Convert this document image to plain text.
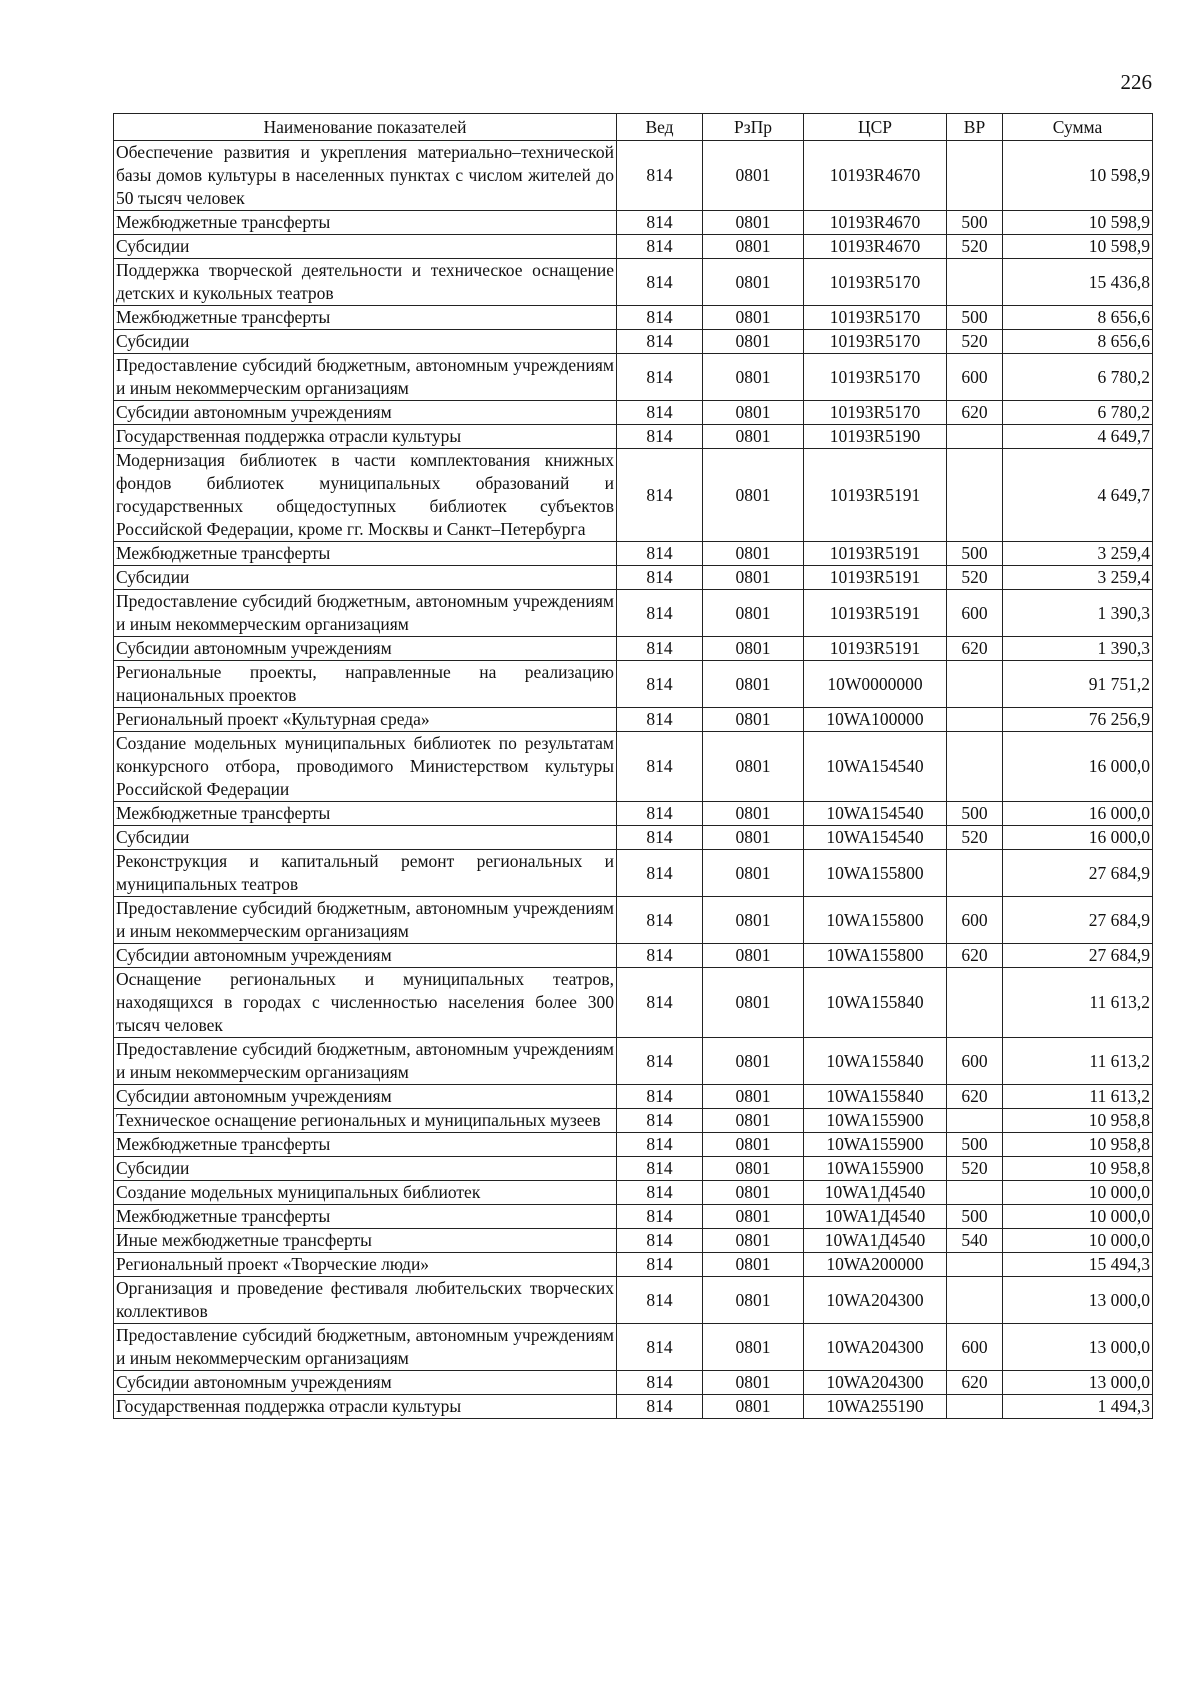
226
Наименование показателей	Вед	РзПр	ЦСР	ВР	Сумма
Обеспечение развития и укрепления материально–технической базы домов культуры в населенных пунктах с числом жителей до 50 тысяч человек	814	0801	10193R4670		10 598,9
Межбюджетные трансферты	814	0801	10193R4670	500	10 598,9
Субсидии	814	0801	10193R4670	520	10 598,9
Поддержка творческой деятельности и техническое оснащение детских и кукольных театров	814	0801	10193R5170		15 436,8
Межбюджетные трансферты	814	0801	10193R5170	500	8 656,6
Субсидии	814	0801	10193R5170	520	8 656,6
Предоставление субсидий бюджетным, автономным учреждениям и иным некоммерческим организациям	814	0801	10193R5170	600	6 780,2
Субсидии автономным учреждениям	814	0801	10193R5170	620	6 780,2
Государственная поддержка отрасли культуры	814	0801	10193R5190		4 649,7
Модернизация библиотек в части комплектования книжных фондов библиотек муниципальных образований и государственных общедоступных библиотек субъектов Российской Федерации, кроме гг. Москвы и Санкт–Петербурга	814	0801	10193R5191		4 649,7
Межбюджетные трансферты	814	0801	10193R5191	500	3 259,4
Субсидии	814	0801	10193R5191	520	3 259,4
Предоставление субсидий бюджетным, автономным учреждениям и иным некоммерческим организациям	814	0801	10193R5191	600	1 390,3
Субсидии автономным учреждениям	814	0801	10193R5191	620	1 390,3
Региональные проекты, направленные на реализацию национальных проектов	814	0801	10W0000000		91 751,2
Региональный проект «Культурная среда»	814	0801	10WA100000		76 256,9
Создание модельных муниципальных библиотек по результатам конкурсного отбора, проводимого Министерством культуры Российской Федерации	814	0801	10WA154540		16 000,0
Межбюджетные трансферты	814	0801	10WA154540	500	16 000,0
Субсидии	814	0801	10WA154540	520	16 000,0
Реконструкция и капитальный ремонт региональных и муниципальных театров	814	0801	10WA155800		27 684,9
Предоставление субсидий бюджетным, автономным учреждениям и иным некоммерческим организациям	814	0801	10WA155800	600	27 684,9
Субсидии автономным учреждениям	814	0801	10WA155800	620	27 684,9
Оснащение региональных и муниципальных театров, находящихся в городах с численностью населения более 300 тысяч человек	814	0801	10WA155840		11 613,2
Предоставление субсидий бюджетным, автономным учреждениям и иным некоммерческим организациям	814	0801	10WA155840	600	11 613,2
Субсидии автономным учреждениям	814	0801	10WA155840	620	11 613,2
Техническое оснащение региональных и муниципальных музеев	814	0801	10WA155900		10 958,8
Межбюджетные трансферты	814	0801	10WA155900	500	10 958,8
Субсидии	814	0801	10WA155900	520	10 958,8
Создание модельных муниципальных библиотек	814	0801	10WA1Д4540		10 000,0
Межбюджетные трансферты	814	0801	10WA1Д4540	500	10 000,0
Иные межбюджетные трансферты	814	0801	10WA1Д4540	540	10 000,0
Региональный проект «Творческие люди»	814	0801	10WA200000		15 494,3
Организация и проведение фестиваля любительских творческих коллективов	814	0801	10WA204300		13 000,0
Предоставление субсидий бюджетным, автономным учреждениям и иным некоммерческим организациям	814	0801	10WA204300	600	13 000,0
Субсидии автономным учреждениям	814	0801	10WA204300	620	13 000,0
Государственная поддержка отрасли культуры	814	0801	10WA255190		1 494,3
